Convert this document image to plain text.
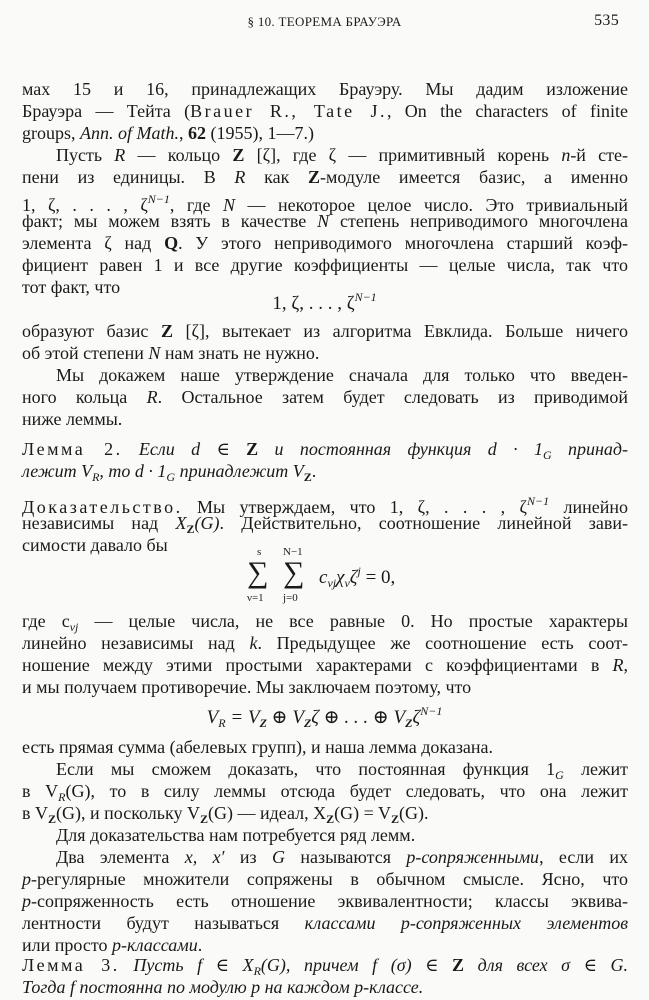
§ 10. ТЕОРЕМА БРАУЭРА	535
мах 15 и 16, принадлежащих Брауэру. Мы дадим изложение
Брауэра — Тейта (Brauer R., Tate J., On the characters of finite
groups, Ann. of Math., 62 (1955), 1—7.)
Пусть R — кольцо Z [ζ], где ζ — примитивный корень n-й сте-
пени из единицы. В R как Z-модуле имеется базис, а именно
1, ζ, . . . , $\zeta^{N-1}$, где N — некоторое целое число. Это тривиальный
факт; мы можем взять в качестве N степень неприводимого многочлена
элемента ζ над Q. У этого неприводимого многочлена старший коэф-
фициент равен 1 и все другие коэффициенты — целые числа, так что
тот факт, что
1, ζ, . . . , $\zeta^{N-1}$
образуют базис Z [ζ], вытекает из алгоритма Евклида. Больше ничего
об этой степени N нам знать не нужно.
Мы докажем наше утверждение сначала для только что введен-
ного кольца R. Остальное затем будет следовать из приводимой
ниже леммы.
Лемма 2. Если d ∈ Z и постоянная функция $d \cdot 1_G$ принад-
лежит $V_R$, то $d \cdot 1_G$ принадлежит $V_Z$.
Доказательство. Мы утверждаем, что 1, ζ, . . . , $\zeta^{N-1}$ линейно
независимы над $X_Z(G)$. Действительно, соотношение линейной зави-
симости давало бы	s
∑
ν=1
N−1
∑
j=0
$c_{\nu j}\chi_\nu\zeta^j = 0$,
где $c_{\nu j}$ — целые числа, не все равные 0. Но простые характеры
линейно независимы над k. Предыдущее же соотношение есть соот-
ношение между этими простыми характерами с коэффициентами в R,
и мы получаем противоречие. Мы заключаем поэтому, что
$V_R = V_Z$ ⊕ $V_Z\zeta$ ⊕ . . . ⊕ $V_Z\zeta^{N-1}$
есть прямая сумма (абелевых групп), и наша лемма доказана.
Если мы сможем доказать, что постоянная функция $1_G$ лежит
в $V_R(G)$, то в силу леммы отсюда будет следовать, что она лежит
в $V_Z(G)$, и поскольку $V_Z(G)$ — идеал, $X_Z(G) = V_Z(G)$.
Для доказательства нам потребуется ряд лемм.
Два элемента x, x′ из G называются p-сопряженными, если их
p-регулярные множители сопряжены в обычном смысле. Ясно, что
p-сопряженность есть отношение эквивалентности; классы эквива-
лентности будут называться классами p-сопряженных элементов
или просто p-классами.
Лемма 3. Пусть f ∈ $X_R(G)$, причем f (σ) ∈ Z для всех σ ∈ G.
Тогда f постоянна по модулю p на каждом p-классе.
